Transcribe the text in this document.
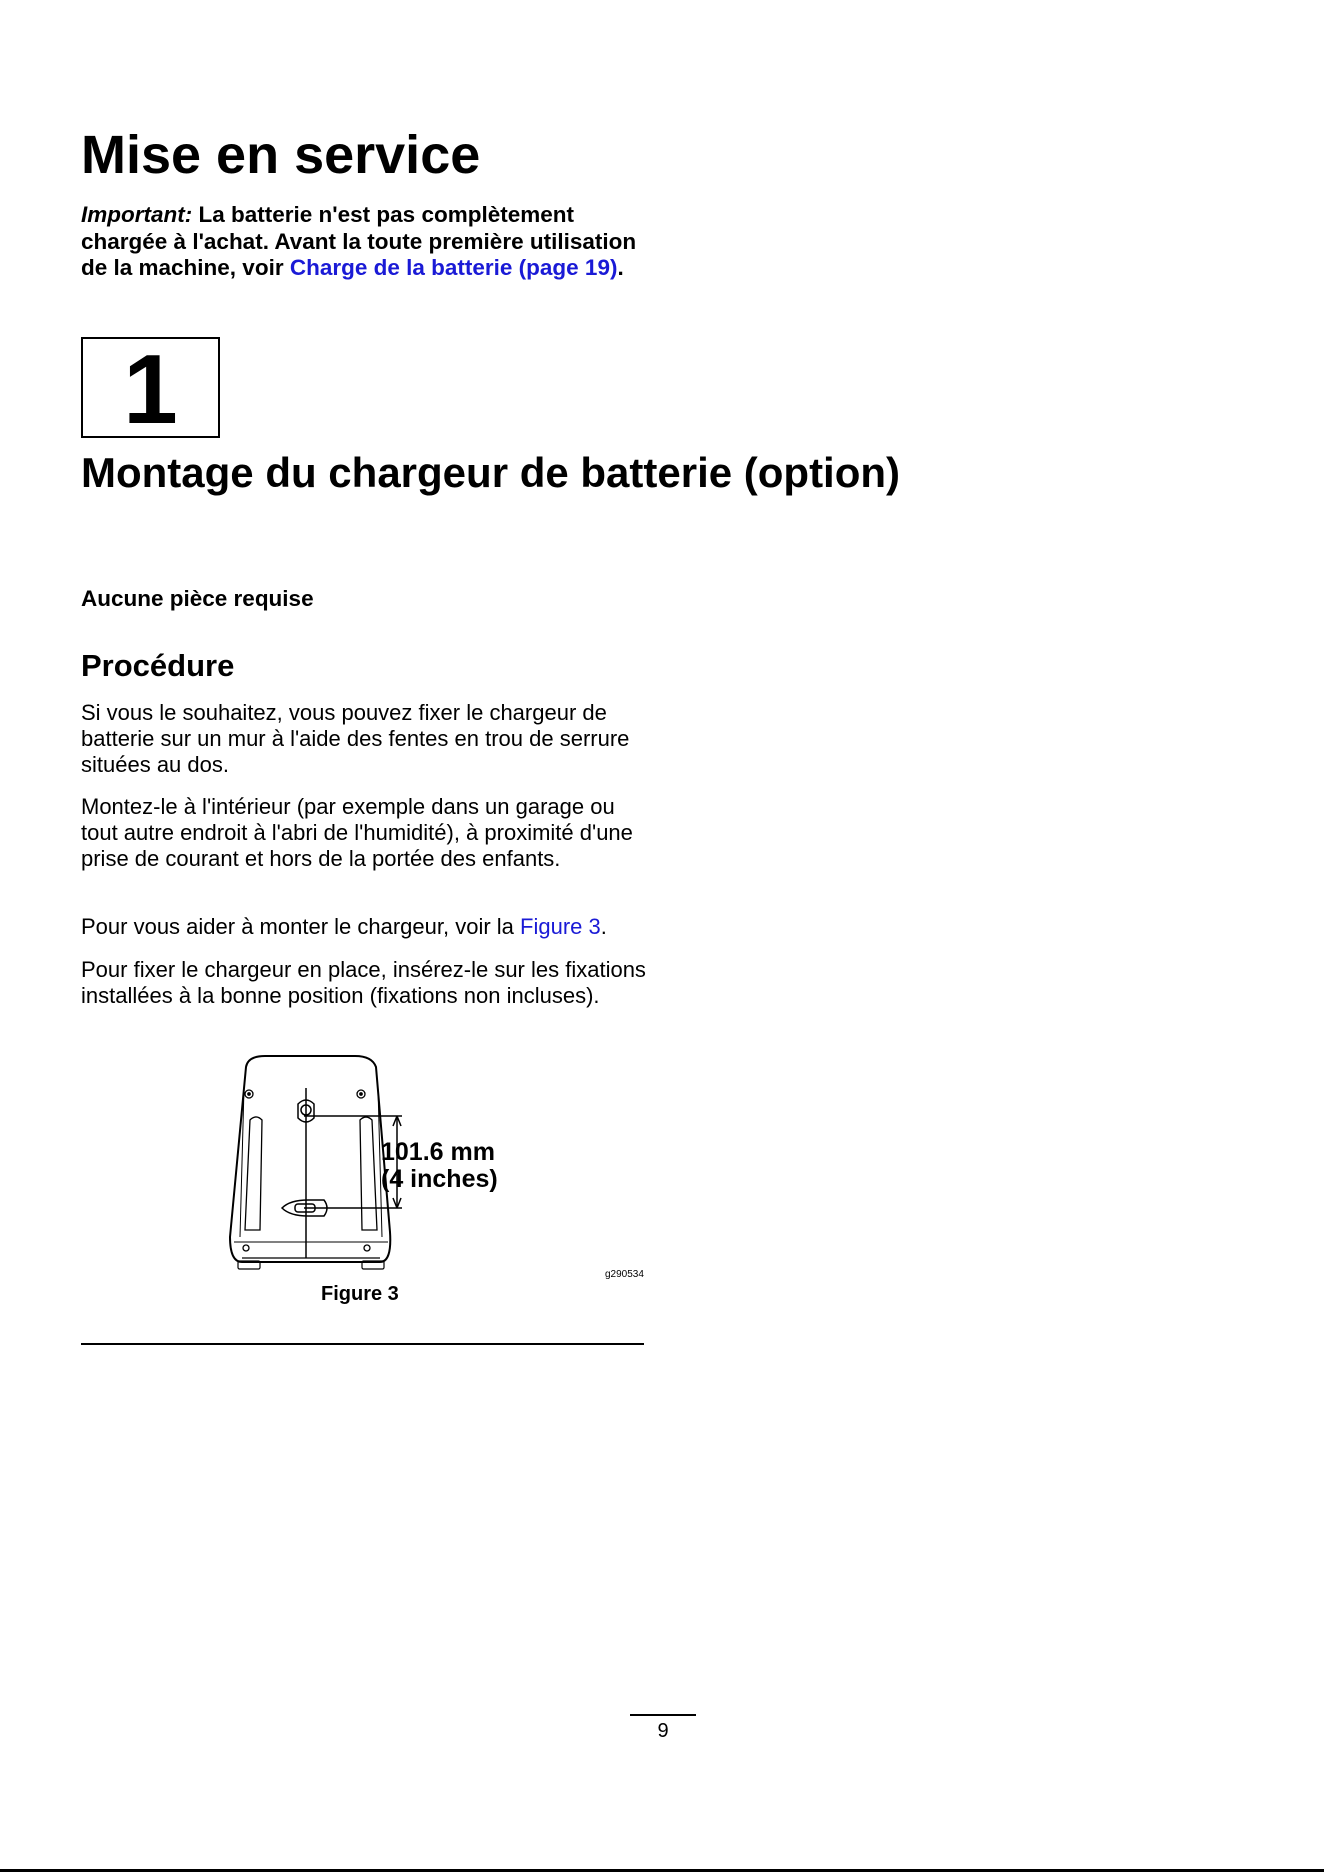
Mise en service

Important: La batterie n'est pas complètement chargée à l'achat. Avant la toute première utilisation de la machine, voir Charge de la batterie (page 19).

1
Montage du chargeur de batterie (option)

Aucune pièce requise

Procédure

Si vous le souhaitez, vous pouvez fixer le chargeur de batterie sur un mur à l'aide des fentes en trou de serrure situées au dos.

Montez-le à l'intérieur (par exemple dans un garage ou tout autre endroit à l'abri de l'humidité), à proximité d'une prise de courant et hors de la portée des enfants.

Pour vous aider à monter le chargeur, voir la Figure 3.

Pour fixer le chargeur en place, insérez-le sur les fixations installées à la bonne position (fixations non incluses).

101.6 mm
(4 inches)
g290534

Figure 3

9
